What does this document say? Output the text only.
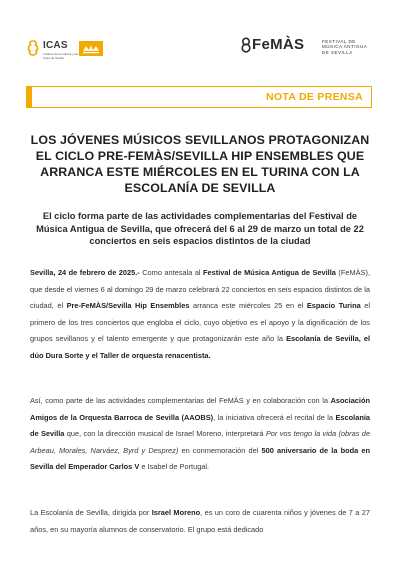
ICAS
Instituto de la Cultura y las Artes de Sevilla
FeMÀS	FESTIVAL DE
MÚSICA ANTIGUA
DE SEVILLA
NOTA DE PRENSA
LOS JÓVENES MÚSICOS SEVILLANOS PROTAGONIZAN EL CICLO PRE-FEMÀS/SEVILLA HIP ENSEMBLES QUE ARRANCA ESTE MIÉRCOLES EN EL TURINA CON LA ESCOLANÍA DE SEVILLA
El ciclo forma parte de las actividades complementarias del Festival de Música Antigua de Sevilla, que ofrecerá del 6 al 29 de marzo un total de 22 conciertos en seis espacios distintos de la ciudad

Sevilla, 24 de febrero de 2025.- Como antesala al Festival de Música Antigua de Sevilla (FeMÀS), que desde el viernes 6 al domingo 29 de marzo celebrará 22 conciertos en seis espacios distintos de la ciudad, el Pre-FeMÀS/Sevilla Hip Ensembles arranca este miércoles 25 en el Espacio Turina el primero de los tres conciertos que engloba el ciclo, cuyo objetivo es el apoyo y la dignificación de los grupos sevillanos y el talento emergente y que protagonizarán este año la Escolanía de Sevilla, el dúo Dura Sorte y el Taller de orquesta renacentista.

Así, como parte de las actividades complementarias del FeMÀS y en colaboración con la Asociación Amigos de la Orquesta Barroca de Sevilla (AAOBS), la iniciativa ofrecerá el recital de la Escolanía de Sevilla que, con la dirección musical de Israel Moreno, interpretará Por vos tengo la vida (obras de Arbeau, Morales, Narváez, Byrd y Desprez) en conmemoración del 500 aniversario de la boda en Sevilla del Emperador Carlos V e Isabel de Portugal.

La Escolanía de Sevilla, dirigida por Israel Moreno, es un coro de cuarenta niños y jóvenes de 7 a 27 años, en su mayoría alumnos de conservatorio. El grupo está dedicado
